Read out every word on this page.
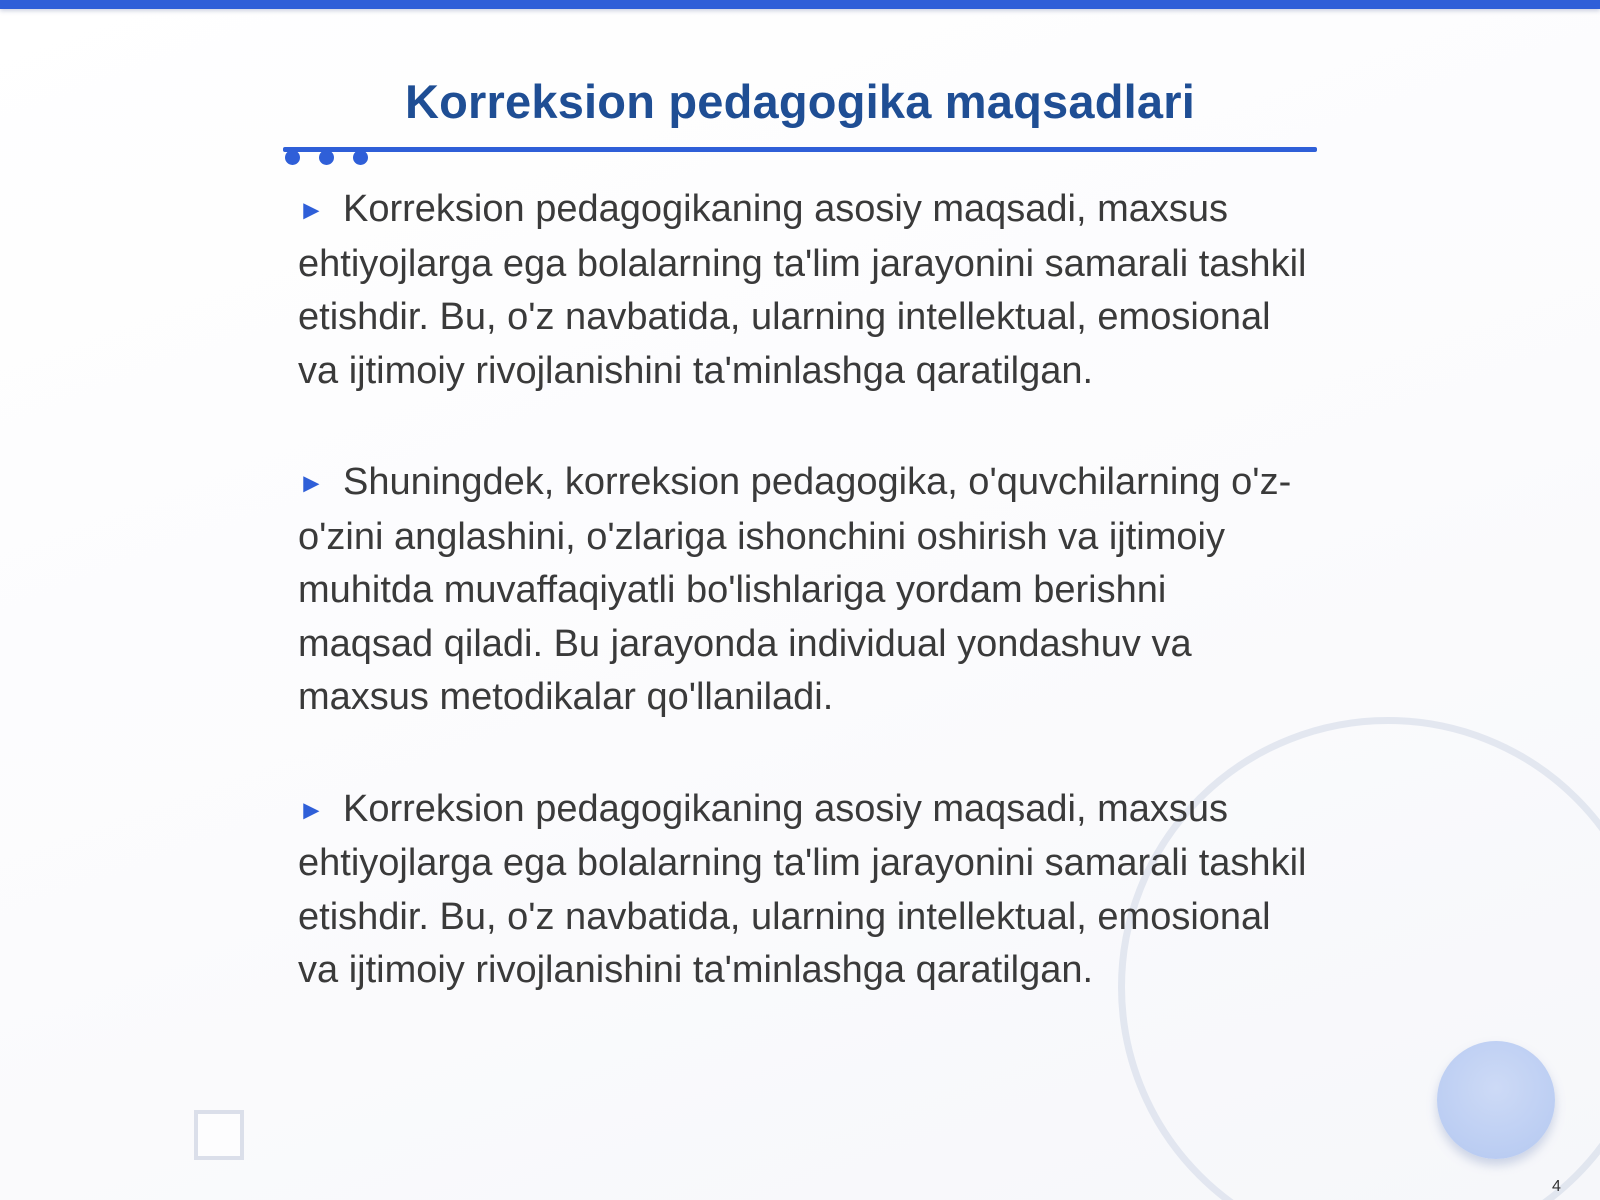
Korreksion pedagogika maqsadlari

► Korreksion pedagogikaning asosiy maqsadi, maxsus ehtiyojlarga ega bolalarning ta'lim jarayonini samarali tashkil etishdir. Bu, o'z navbatida, ularning intellektual, emosional va ijtimoiy rivojlanishini ta'minlashga qaratilgan.

► Shuningdek, korreksion pedagogika, o'quvchilarning o'z-o'zini anglashini, o'zlariga ishonchini oshirish va ijtimoiy muhitda muvaffaqiyatli bo'lishlariga yordam berishni maqsad qiladi. Bu jarayonda individual yondashuv va maxsus metodikalar qo'llaniladi.

► Korreksion pedagogikaning asosiy maqsadi, maxsus ehtiyojlarga ega bolalarning ta'lim jarayonini samarali tashkil etishdir. Bu, o'z navbatida, ularning intellektual, emosional va ijtimoiy rivojlanishini ta'minlashga qaratilgan.

4
